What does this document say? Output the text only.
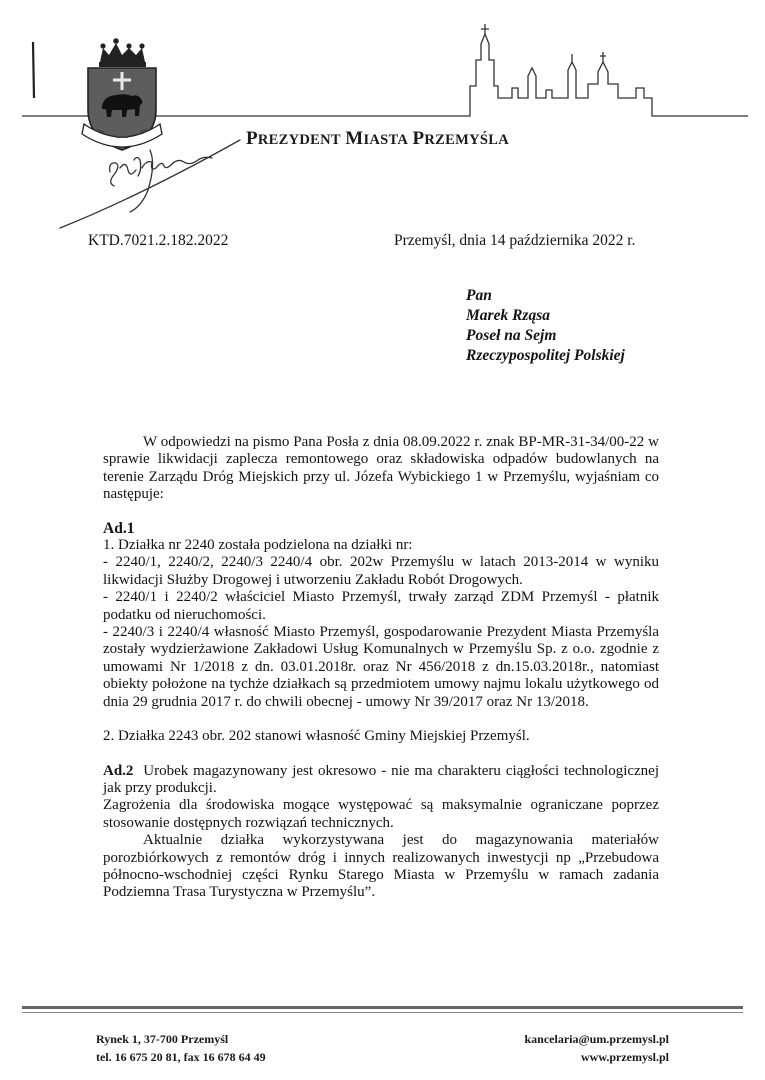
PREZYDENT MIASTA PRZEMYŚLA
KTD.7021.2.182.2022	Przemyśl, dnia 14 października 2022 r.
Pan
Marek Rząsa
Poseł na Sejm
Rzeczypospolitej Polskiej

W odpowiedzi na pismo Pana Posła z dnia 08.09.2022 r. znak BP-MR-31-34/00-22 w sprawie likwidacji zaplecza remontowego oraz składowiska odpadów budowlanych na terenie Zarządu Dróg Miejskich przy ul. Józefa Wybickiego 1 w Przemyślu, wyjaśniam co następuje:

Ad.1

1. Działka nr 2240 została podzielona na działki nr:

- 2240/1, 2240/2, 2240/3 2240/4 obr. 202w Przemyślu w latach 2013-2014 w wyniku likwidacji Służby Drogowej i utworzeniu Zakładu Robót Drogowych.

- 2240/1 i 2240/2 właściciel Miasto Przemyśl, trwały zarząd ZDM Przemyśl - płatnik podatku od nieruchomości.

- 2240/3 i 2240/4 własność Miasto Przemyśl, gospodarowanie Prezydent Miasta Przemyśla zostały wydzierżawione Zakładowi Usług Komunalnych w Przemyślu Sp. z o.o. zgodnie z umowami Nr 1/2018 z dn. 03.01.2018r. oraz Nr 456/2018 z dn.15.03.2018r., natomiast obiekty położone na tychże działkach są przedmiotem umowy najmu lokalu użytkowego od dnia 29 grudnia 2017 r. do chwili obecnej - umowy Nr 39/2017 oraz Nr 13/2018.

2. Działka 2243 obr. 202 stanowi własność Gminy Miejskiej Przemyśl.

Ad.2 Urobek magazynowany jest okresowo - nie ma charakteru ciągłości technologicznej jak przy produkcji.

Zagrożenia dla środowiska mogące występować są maksymalnie ograniczane poprzez stosowanie dostępnych rozwiązań technicznych.

Aktualnie działka wykorzystywana jest do magazynowania materiałów porozbiórkowych z remontów dróg i innych realizowanych inwestycji np „Przebudowa północno-wschodniej części Rynku Starego Miasta w Przemyślu w ramach zadania Podziemna Trasa Turystyczna w Przemyślu”.

Rynek 1, 37-700 Przemyśl
tel. 16 675 20 81, fax 16 678 64 49
kancelaria@um.przemysl.pl
www.przemysl.pl
